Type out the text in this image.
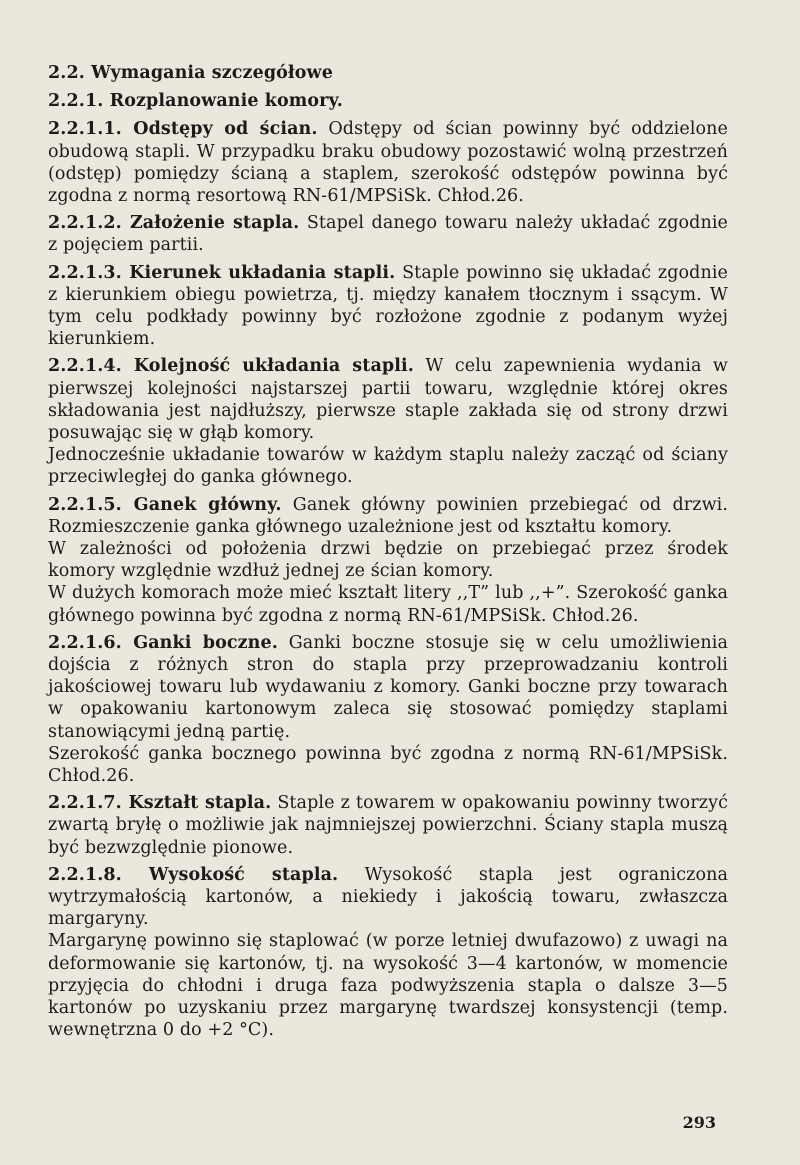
2.2. Wymagania szczegółowe
2.2.1. Rozplanowanie komory.

2.2.1.1. Odstępy od ścian. Odstępy od ścian powinny być oddzielone obudową stapli. W przypadku braku obudowy pozostawić wolną przestrzeń (odstęp) pomiędzy ścianą a staplem, szerokość odstępów powinna być zgodna z normą resortową RN-61/MPSiSk. Chłod.26.

2.2.1.2. Założenie stapla. Stapel danego towaru należy układać zgodnie z pojęciem partii.

2.2.1.3. Kierunek układania stapli. Staple powinno się układać zgodnie z kierunkiem obiegu powietrza, tj. między kanałem tłocznym i ssącym. W tym celu podkłady powinny być rozłożone zgodnie z podanym wyżej kierunkiem.

2.2.1.4. Kolejność układania stapli. W celu zapewnienia wydania w pierwszej kolejności najstarszej partii towaru, względnie której okres składowania jest najdłuższy, pierwsze staple zakłada się od strony drzwi posuwając się w głąb komory.

Jednocześnie układanie towarów w każdym staplu należy zacząć od ściany przeciwległej do ganka głównego.

2.2.1.5. Ganek główny. Ganek główny powinien przebiegać od drzwi. Rozmieszczenie ganka głównego uzależnione jest od kształtu komory.

W zależności od położenia drzwi będzie on przebiegać przez środek komory względnie wzdłuż jednej ze ścian komory.

W dużych komorach może mieć kształt litery ,,T” lub ,,+”. Szerokość ganka głównego powinna być zgodna z normą RN-61/MPSiSk. Chłod.26.

2.2.1.6. Ganki boczne. Ganki boczne stosuje się w celu umożliwienia dojścia z różnych stron do stapla przy przeprowadzaniu kontroli jakościowej towaru lub wydawaniu z komory. Ganki boczne przy towarach w opakowaniu kartonowym zaleca się stosować pomiędzy staplami stanowiącymi jedną partię.

Szerokość ganka bocznego powinna być zgodna z normą RN-61/MPSiSk. Chłod.26.

2.2.1.7. Kształt stapla. Staple z towarem w opakowaniu powinny tworzyć zwartą bryłę o możliwie jak najmniejszej powierzchni. Ściany stapla muszą być bezwzględnie pionowe.

2.2.1.8. Wysokość stapla. Wysokość stapla jest ograniczona wytrzymałością kartonów, a niekiedy i jakością towaru, zwłaszcza margaryny.

Margarynę powinno się staplować (w porze letniej dwufazowo) z uwagi na deformowanie się kartonów, tj. na wysokość 3—4 kartonów, w momencie przyjęcia do chłodni i druga faza podwyższenia stapla o dalsze 3—5 kartonów po uzyskaniu przez margarynę twardszej konsystencji (temp. wewnętrzna 0 do +2 °C).

293
